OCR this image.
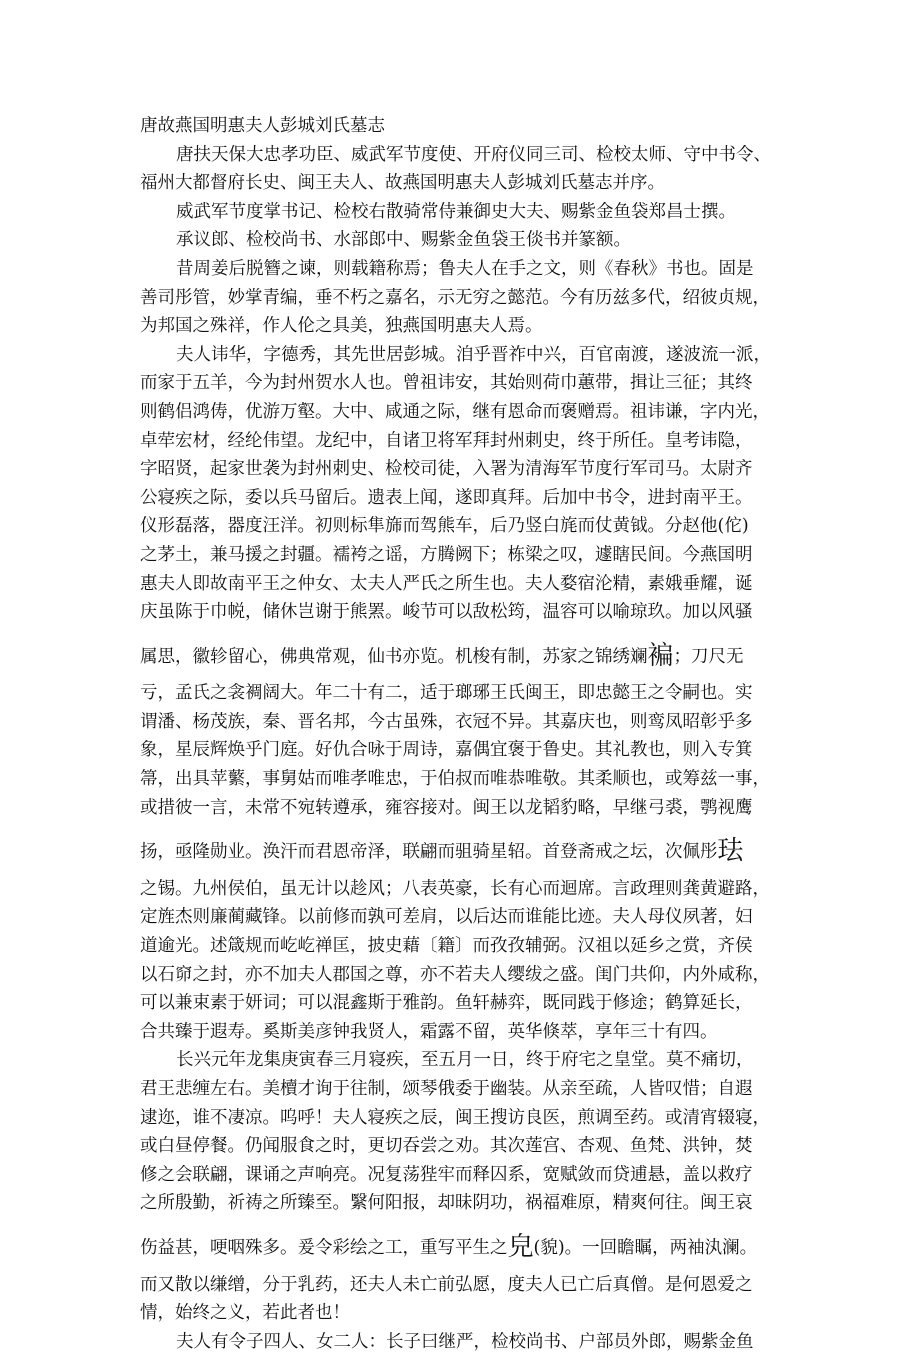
唐故燕国明惠夫人彭城刘氏墓志
唐扶天保大忠孝功臣、威武军节度使、开府仪同三司、检校太师、守中书令、
福州大都督府长史、闽王夫人、故燕国明惠夫人彭城刘氏墓志并序。
威武军节度掌书记、检校右散骑常侍兼御史大夫、赐紫金鱼袋郑昌士撰。
承议郎、检校尚书、水部郎中、赐紫金鱼袋王倓书并篆额。
昔周姜后脱簪之谏，则载籍称焉；鲁夫人在手之文，则《春秋》书也。固是
善司彤管，妙掌青编，垂不朽之嘉名，示无穷之懿范。今有历兹多代，绍彼贞规，
为邦国之殊祥，作人伦之具美，独燕国明惠夫人焉。
夫人讳华，字德秀，其先世居彭城。洎乎晋祚中兴，百官南渡，遂波流一派，
而家于五羊，今为封州贺水人也。曾祖讳安，其始则荷巾蕙带，揖让三征；其终
则鹤侣鸿俦，优游万壑。大中、咸通之际，继有恩命而褒赠焉。祖讳谦，字内光，
卓荦宏材，经纶伟望。龙纪中，自诸卫将军拜封州刺史，终于所任。皇考讳隐，
字昭贤，起家世袭为封州刺史、检校司徒，入署为清海军节度行军司马。太尉齐
公寝疾之际，委以兵马留后。遗表上闻，遂即真拜。后加中书令，进封南平王。
仪形磊落，器度汪洋。初则标隼旆而驾熊车，后乃竖白旄而仗黄钺。分赵他(佗)
之茅土，兼马援之封疆。襦袴之谣，方腾阙下；栋梁之叹，遽瞎民间。今燕国明
惠夫人即故南平王之仲女、太夫人严氏之所生也。夫人婺宿沦精，素娥垂耀，诞
庆虽陈于巾帨，储休岂谢于熊罴。峻节可以敌松筠，温容可以喻琼玖。加以风骚
属思，徽轸留心，佛典常观，仙书亦览。机梭有制，苏家之锦绣斓褊；刀尺无
亏，孟氏之衾裯阔大。年二十有二，适于瑯琊王氏闽王，即忠懿王之令嗣也。实
谓潘、杨茂族，秦、晋名邦，今古虽殊，衣冠不异。其嘉庆也，则鸾凤昭彰乎多
象，星辰辉焕乎门庭。好仇合咏于周诗，嘉偶宜褒于鲁史。其礼教也，则入专箕
箒，出具苹蘩，事舅姑而唯孝唯忠，于伯叔而唯恭唯敬。其柔顺也，或筹兹一事，
或措彼一言，未常不宛转遵承，雍容接对。闽王以龙韬豹略，早继弓裘，鹗视鹰
扬，亟隆勋业。涣汗而君恩帝泽，联翩而驵骑星轺。首登斋戒之坛，次佩彤珐
之锡。九州侯伯，虽无计以趁风；八表英豪，长有心而迴席。言政理则龚黄避路，
定旌杰则廉蔺藏锋。以前修而孰可差肩，以后达而谁能比迹。夫人母仪夙著，妇
道逾光。述箴规而屹屹禅匡，披史藉〔籍〕而孜孜辅弼。汉祖以延乡之赏，齐侯
以石窌之封，亦不加夫人郡国之尊，亦不若夫人缨绂之盛。闺门共仰，内外咸称，
可以兼束素于妍词；可以混鑫斯于雅韵。鱼轩赫弈，既同践于修途；鹤算延长，
合共臻于遐寿。奚斯美彦钟我贤人，霜露不留，英华倏萃，享年三十有四。
长兴元年龙集庚寅春三月寝疾，至五月一日，终于府宅之皇堂。莫不痛切，
君王悲缠左右。美櫝才询于往制，颂琴俄委于幽装。从亲至疏，人皆叹惜；自遐
逮迩，谁不凄凉。呜呼！夫人寝疾之辰，闽王搜访良医，煎调至药。或清宵辍寝，
或白昼停餐。仍闻服食之时，更切吞尝之劝。其次莲宫、杏观、鱼梵、洪钟，焚
修之会联翩，课诵之声响亮。况复荡狴牢而释囚系，宽赋敛而贷逋悬，盖以救疗
之所殷勤，祈祷之所臻至。繄何阳报，却昧阴功，祸福难原，精爽何往。闽王哀
伤益甚，哽咽殊多。爰令彩绘之工，重写平生之皃(貌)。一回瞻瞩，两袖汍澜。
而又散以缣缯，分于乳药，还夫人未亡前弘愿，度夫人已亡后真僧。是何恩爱之
情，始终之义，若此者也！
夫人有令子四人、女二人：长子曰继严，检校尚书、户部员外郎，赐紫金鱼
